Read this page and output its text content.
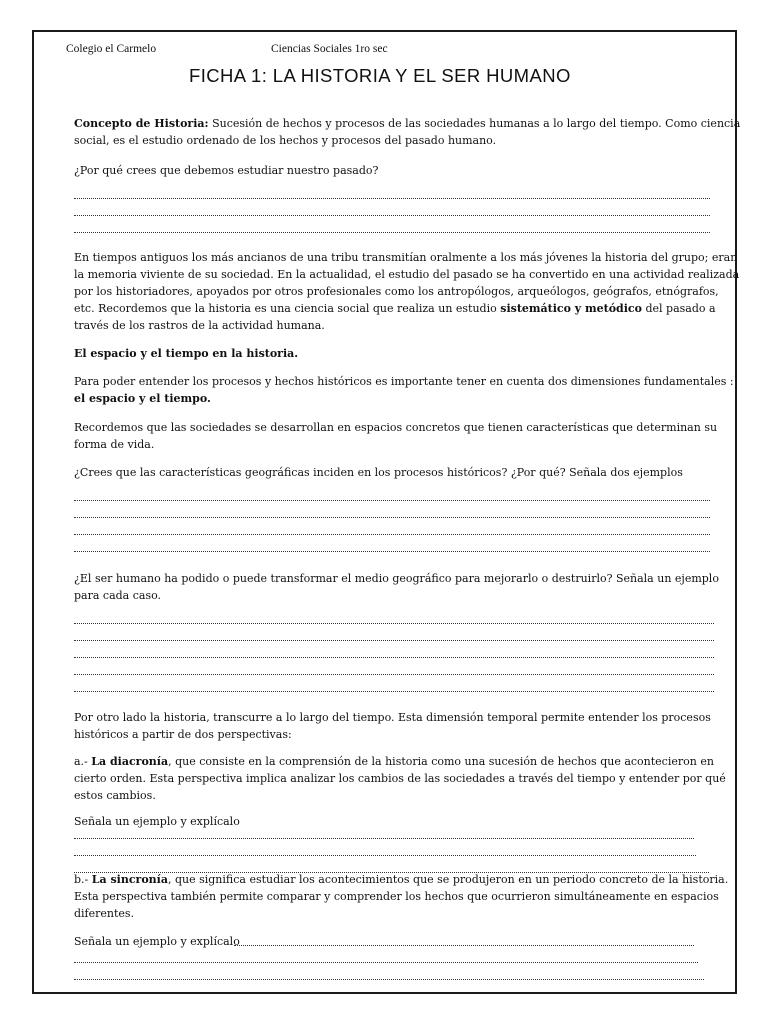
Colegio el Carmelo	Ciencias Sociales 1ro sec
FICHA 1: LA HISTORIA Y EL SER HUMANO
Concepto de Historia: Sucesión de hechos y procesos de las sociedades humanas a lo largo del tiempo. Como ciencia
social, es el estudio ordenado de los hechos y procesos del pasado humano.
¿Por qué crees que debemos estudiar nuestro pasado?
En tiempos antiguos los más ancianos de una tribu transmitían oralmente a los más jóvenes la historia del grupo; eran
la memoria viviente de su sociedad. En la actualidad, el estudio del pasado se ha convertido en una actividad realizada
por los historiadores, apoyados por otros profesionales como los antropólogos, arqueólogos, geógrafos, etnógrafos,
etc. Recordemos que la historia es una ciencia social que realiza un estudio sistemático y metódico del pasado a
través de los rastros de la actividad humana.
El espacio y el tiempo en la historia.
Para poder entender los procesos y hechos históricos es importante tener en cuenta dos dimensiones fundamentales :
el espacio y el tiempo.
Recordemos que las sociedades se desarrollan en espacios concretos que tienen características que determinan su
forma de vida.
¿Crees que las características geográficas inciden en los procesos históricos? ¿Por qué? Señala dos ejemplos
¿El ser humano ha podido o puede transformar el medio geográfico para mejorarlo o destruirlo? Señala un ejemplo
para cada caso.
Por otro lado la historia, transcurre a lo largo del tiempo. Esta dimensión temporal permite entender los procesos
históricos a partir de dos perspectivas:
a.- La diacronía, que consiste en la comprensión de la historia como una sucesión de hechos que acontecieron en
cierto orden. Esta perspectiva implica analizar los cambios de las sociedades a través del tiempo y entender por qué
estos cambios.
Señala un ejemplo y explícalo
b.- La sincronía, que significa estudiar los acontecimientos que se produjeron en un periodo concreto de la historia.
Esta perspectiva también permite comparar y comprender los hechos que ocurrieron simultáneamente en espacios
diferentes.
Señala un ejemplo y explícalo
